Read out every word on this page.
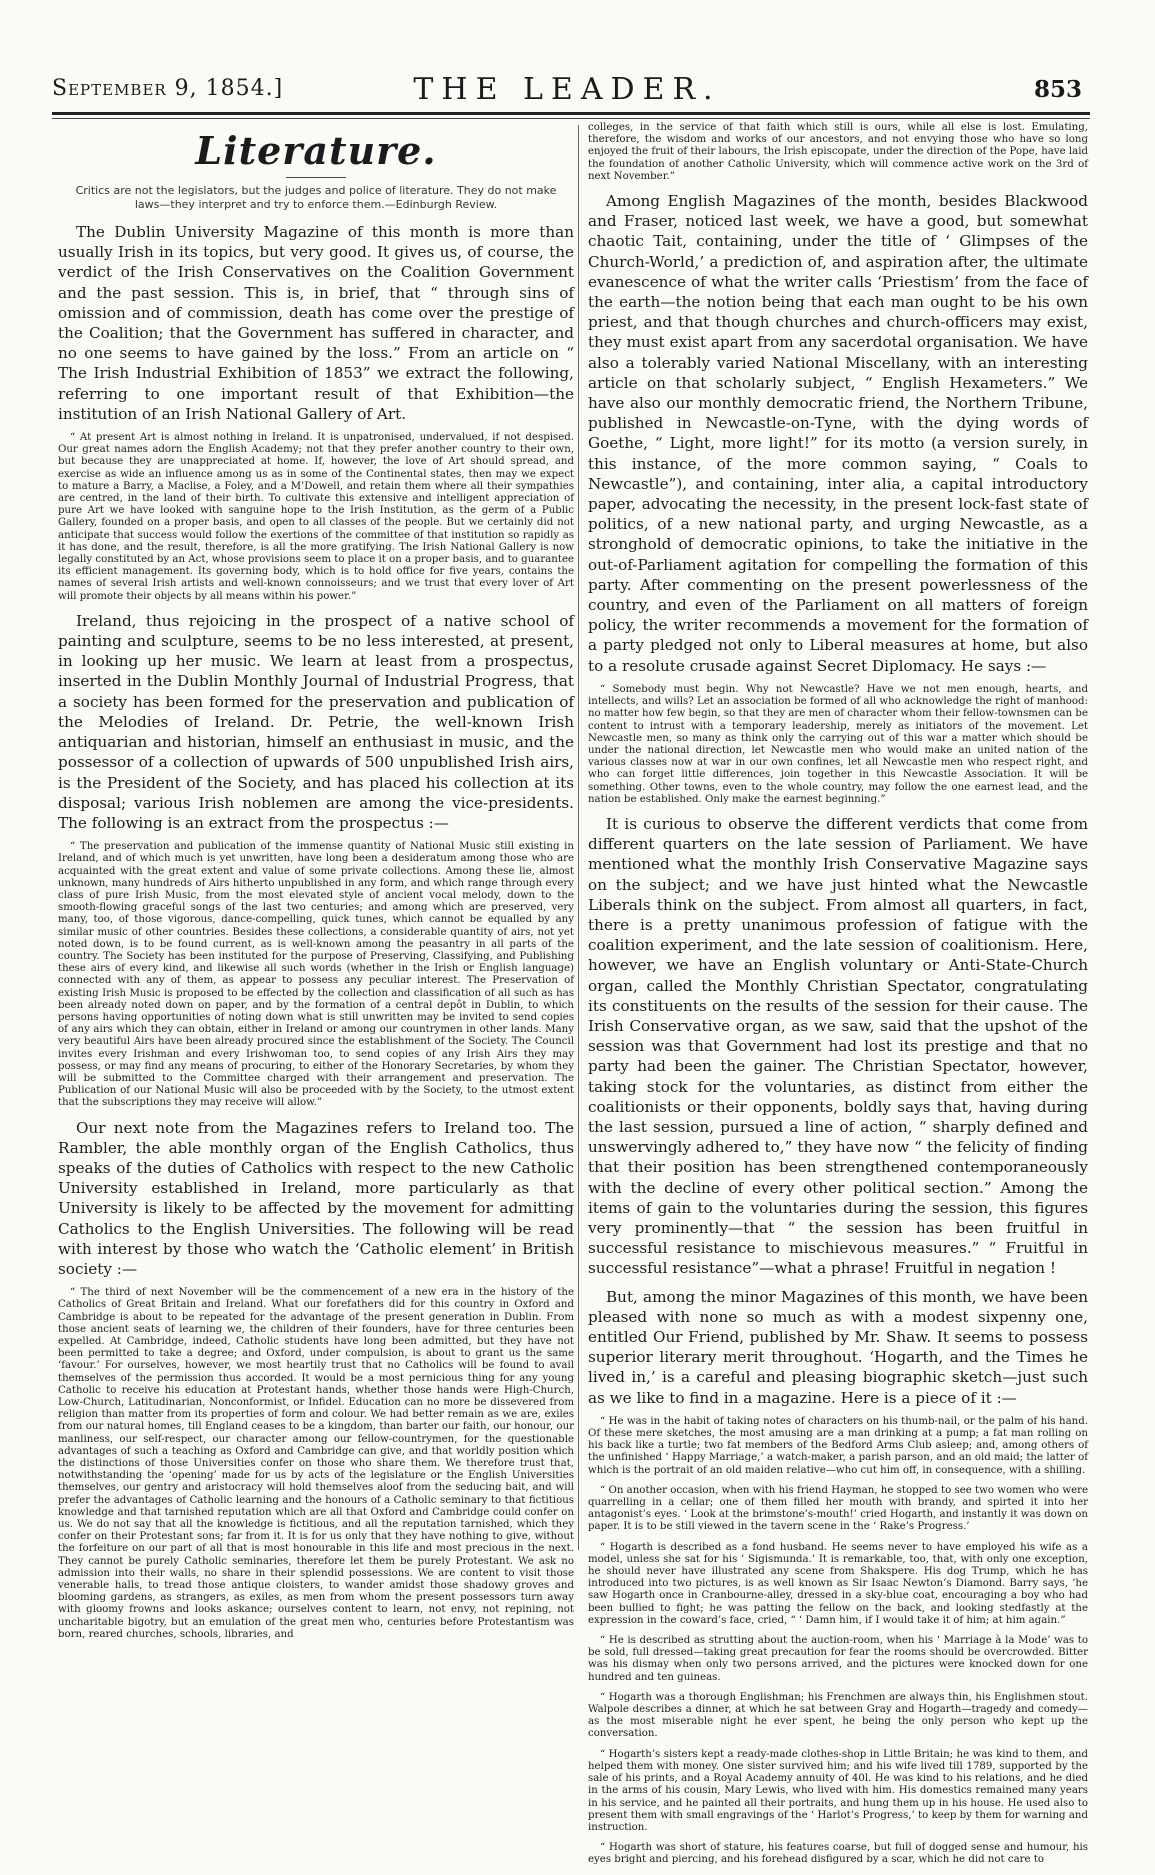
September 9, 1854.]	THE LEADER.	853
Literature.
Critics are not the legislators, but the judges and police of literature. They do not make laws—they interpret and try to enforce them.—Edinburgh Review.

The Dublin University Magazine of this month is more than usually Irish in its topics, but very good. It gives us, of course, the verdict of the Irish Conservatives on the Coalition Government and the past session. This is, in brief, that “ through sins of omission and of commission, death has come over the prestige of the Coalition; that the Government has suffered in character, and no one seems to have gained by the loss.” From an article on “ The Irish Industrial Exhibition of 1853” we extract the following, referring to one important result of that Exhibition—the institution of an Irish National Gallery of Art.

“ At present Art is almost nothing in Ireland. It is unpatronised, undervalued, if not despised. Our great names adorn the English Academy; not that they prefer another country to their own, but because they are unappreciated at home. If, however, the love of Art should spread, and exercise as wide an influence among us as in some of the Continental states, then may we expect to mature a Barry, a Maclise, a Foley, and a M’Dowell, and retain them where all their sympathies are centred, in the land of their birth. To cultivate this extensive and intelligent appreciation of pure Art we have looked with sanguine hope to the Irish Institution, as the germ of a Public Gallery, founded on a proper basis, and open to all classes of the people. But we certainly did not anticipate that success would follow the exertions of the committee of that institution so rapidly as it has done, and the result, therefore, is all the more gratifying. The Irish National Gallery is now legally constituted by an Act, whose provisions seem to place it on a proper basis, and to guarantee its efficient management. Its governing body, which is to hold office for five years, contains the names of several Irish artists and well-known connoisseurs; and we trust that every lover of Art will promote their objects by all means within his power.”

Ireland, thus rejoicing in the prospect of a native school of painting and sculpture, seems to be no less interested, at present, in looking up her music. We learn at least from a prospectus, inserted in the Dublin Monthly Journal of Industrial Progress, that a society has been formed for the preservation and publication of the Melodies of Ireland. Dr. Petrie, the well-known Irish antiquarian and historian, himself an enthusiast in music, and the possessor of a collection of upwards of 500 unpublished Irish airs, is the President of the Society, and has placed his collection at its disposal; various Irish noblemen are among the vice-presidents. The following is an extract from the prospectus :—

“ The preservation and publication of the immense quantity of National Music still existing in Ireland, and of which much is yet unwritten, have long been a desideratum among those who are acquainted with the great extent and value of some private collections. Among these lie, almost unknown, many hundreds of Airs hitherto unpublished in any form, and which range through every class of pure Irish Music, from the most elevated style of ancient vocal melody, down to the smooth-flowing graceful songs of the last two centuries; and among which are preserved, very many, too, of those vigorous, dance-compelling, quick tunes, which cannot be equalled by any similar music of other countries. Besides these collections, a considerable quantity of airs, not yet noted down, is to be found current, as is well-known among the peasantry in all parts of the country. The Society has been instituted for the purpose of Preserving, Classifying, and Publishing these airs of every kind, and likewise all such words (whether in the Irish or English language) connected with any of them, as appear to possess any peculiar interest. The Preservation of existing Irish Music is proposed to be effected by the collection and classification of all such as has been already noted down on paper, and by the formation of a central depôt in Dublin, to which persons having opportunities of noting down what is still unwritten may be invited to send copies of any airs which they can obtain, either in Ireland or among our countrymen in other lands. Many very beautiful Airs have been already procured since the establishment of the Society. The Council invites every Irishman and every Irishwoman too, to send copies of any Irish Airs they may possess, or may find any means of procuring, to either of the Honorary Secretaries, by whom they will be submitted to the Committee charged with their arrangement and preservation. The Publication of our National Music will also be proceeded with by the Society, to the utmost extent that the subscriptions they may receive will allow.”

Our next note from the Magazines refers to Ireland too. The Rambler, the able monthly organ of the English Catholics, thus speaks of the duties of Catholics with respect to the new Catholic University established in Ireland, more particularly as that University is likely to be affected by the movement for admitting Catholics to the English Universities. The following will be read with interest by those who watch the ‘Catholic element’ in British society :—

“ The third of next November will be the commencement of a new era in the history of the Catholics of Great Britain and Ireland. What our forefathers did for this country in Oxford and Cambridge is about to be repeated for the advantage of the present generation in Dublin. From those ancient seats of learning we, the children of their founders, have for three centuries been expelled. At Cambridge, indeed, Catholic students have long been admitted, but they have not been permitted to take a degree; and Oxford, under compulsion, is about to grant us the same ‘favour.’ For ourselves, however, we most heartily trust that no Catholics will be found to avail themselves of the permission thus accorded. It would be a most pernicious thing for any young Catholic to receive his education at Protestant hands, whether those hands were High-Church, Low-Church, Latitudinarian, Nonconformist, or Infidel. Education can no more be dissevered from religion than matter from its properties of form and colour. We had better remain as we are, exiles from our natural homes, till England ceases to be a kingdom, than barter our faith, our honour, our manliness, our self-respect, our character among our fellow-countrymen, for the questionable advantages of such a teaching as Oxford and Cambridge can give, and that worldly position which the distinctions of those Universities confer on those who share them. We therefore trust that, notwithstanding the ‘opening’ made for us by acts of the legislature or the English Universities themselves, our gentry and aristocracy will hold themselves aloof from the seducing bait, and will prefer the advantages of Catholic learning and the honours of a Catholic seminary to that fictitious knowledge and that tarnished reputation which are all that Oxford and Cambridge could confer on us. We do not say that all the knowledge is fictitious, and all the reputation tarnished, which they confer on their Protestant sons; far from it. It is for us only that they have nothing to give, without the forfeiture on our part of all that is most honourable in this life and most precious in the next. They cannot be purely Catholic seminaries, therefore let them be purely Protestant. We ask no admission into their walls, no share in their splendid possessions. We are content to visit those venerable halls, to tread those antique cloisters, to wander amidst those shadowy groves and blooming gardens, as strangers, as exiles, as men from whom the present possessors turn away with gloomy frowns and looks askance; ourselves content to learn, not envy, not repining, not uncharitable bigotry, but an emulation of the great men who, centuries before Protestantism was born, reared churches, schools, libraries, and

colleges, in the service of that faith which still is ours, while all else is lost. Emulating, therefore, the wisdom and works of our ancestors, and not envying those who have so long enjoyed the fruit of their labours, the Irish episcopate, under the direction of the Pope, have laid the foundation of another Catholic University, which will commence active work on the 3rd of next November.”

Among English Magazines of the month, besides Blackwood and Fraser, noticed last week, we have a good, but somewhat chaotic Tait, containing, under the title of ‘ Glimpses of the Church-World,’ a prediction of, and aspiration after, the ultimate evanescence of what the writer calls ‘Priestism’ from the face of the earth—the notion being that each man ought to be his own priest, and that though churches and church-officers may exist, they must exist apart from any sacerdotal organisation. We have also a tolerably varied National Miscellany, with an interesting article on that scholarly subject, “ English Hexameters.” We have also our monthly democratic friend, the Northern Tribune, published in Newcastle-on-Tyne, with the dying words of Goethe, “ Light, more light!” for its motto (a version surely, in this instance, of the more common saying, “ Coals to Newcastle”), and containing, inter alia, a capital introductory paper, advocating the necessity, in the present lock-fast state of politics, of a new national party, and urging Newcastle, as a stronghold of democratic opinions, to take the initiative in the out-of-Parliament agitation for compelling the formation of this party. After commenting on the present powerlessness of the country, and even of the Parliament on all matters of foreign policy, the writer recommends a movement for the formation of a party pledged not only to Liberal measures at home, but also to a resolute crusade against Secret Diplomacy. He says :—

“ Somebody must begin. Why not Newcastle? Have we not men enough, hearts, and intellects, and wills? Let an association be formed of all who acknowledge the right of manhood: no matter how few begin, so that they are men of character whom their fellow-townsmen can be content to intrust with a temporary leadership, merely as initiators of the movement. Let Newcastle men, so many as think only the carrying out of this war a matter which should be under the national direction, let Newcastle men who would make an united nation of the various classes now at war in our own confines, let all Newcastle men who respect right, and who can forget little differences, join together in this Newcastle Association. It will be something. Other towns, even to the whole country, may follow the one earnest lead, and the nation be established. Only make the earnest beginning.”

It is curious to observe the different verdicts that come from different quarters on the late session of Parliament. We have mentioned what the monthly Irish Conservative Magazine says on the subject; and we have just hinted what the Newcastle Liberals think on the subject. From almost all quarters, in fact, there is a pretty unanimous profession of fatigue with the coalition experiment, and the late session of coalitionism. Here, however, we have an English voluntary or Anti-State-Church organ, called the Monthly Christian Spectator, congratulating its constituents on the results of the session for their cause. The Irish Conservative organ, as we saw, said that the upshot of the session was that Government had lost its prestige and that no party had been the gainer. The Christian Spectator, however, taking stock for the voluntaries, as distinct from either the coalitionists or their opponents, boldly says that, having during the last session, pursued a line of action, “ sharply defined and unswervingly adhered to,” they have now “ the felicity of finding that their position has been strengthened contemporaneously with the decline of every other political section.” Among the items of gain to the voluntaries during the session, this figures very prominently—that “ the session has been fruitful in successful resistance to mischievous measures.” “ Fruitful in successful resistance”—what a phrase! Fruitful in negation !

But, among the minor Magazines of this month, we have been pleased with none so much as with a modest sixpenny one, entitled Our Friend, published by Mr. Shaw. It seems to possess superior literary merit throughout. ‘Hogarth, and the Times he lived in,’ is a careful and pleasing biographic sketch—just such as we like to find in a magazine. Here is a piece of it :—

“ He was in the habit of taking notes of characters on his thumb-nail, or the palm of his hand. Of these mere sketches, the most amusing are a man drinking at a pump; a fat man rolling on his back like a turtle; two fat members of the Bedford Arms Club asleep; and, among others of the unfinished ‘ Happy Marriage,’ a watch-maker, a parish parson, and an old maid; the latter of which is the portrait of an old maiden relative—who cut him off, in consequence, with a shilling.

“ On another occasion, when with his friend Hayman, he stopped to see two women who were quarrelling in a cellar; one of them filled her mouth with brandy, and spirted it into her antagonist’s eyes. ‘ Look at the brimstone’s-mouth!’ cried Hogarth, and instantly it was down on paper. It is to be still viewed in the tavern scene in the ‘ Rake’s Progress.’

“ Hogarth is described as a fond husband. He seems never to have employed his wife as a model, unless she sat for his ‘ Sigismunda.’ It is remarkable, too, that, with only one exception, he should never have illustrated any scene from Shakspere. His dog Trump, which he has introduced into two pictures, is as well known as Sir Isaac Newton’s Diamond. Barry says, ‘he saw Hogarth once in Cranbourne-alley, dressed in a sky-blue coat, encouraging a boy who had been bullied to fight; he was patting the fellow on the back, and looking stedfastly at the expression in the coward’s face, cried, “ ‘ Damn him, if I would take it of him; at him again.”

“ He is described as strutting about the auction-room, when his ‘ Marriage à la Mode’ was to be sold, full dressed—taking great precaution for fear the rooms should be overcrowded. Bitter was his dismay when only two persons arrived, and the pictures were knocked down for one hundred and ten guineas.

“ Hogarth was a thorough Englishman; his Frenchmen are always thin, his Englishmen stout. Walpole describes a dinner, at which he sat between Gray and Hogarth—tragedy and comedy—as the most miserable night he ever spent, he being the only person who kept up the conversation.

“ Hogarth’s sisters kept a ready-made clothes-shop in Little Britain; he was kind to them, and helped them with money. One sister survived him; and his wife lived till 1789, supported by the sale of his prints, and a Royal Academy annuity of 40l. He was kind to his relations, and he died in the arms of his cousin, Mary Lewis, who lived with him. His domestics remained many years in his service, and he painted all their portraits, and hung them up in his house. He used also to present them with small engravings of the ‘ Harlot’s Progress,’ to keep by them for warning and instruction.

“ Hogarth was short of stature, his features coarse, but full of dogged sense and humour, his eyes bright and piercing, and his forehead disfigured by a scar, which he did not care to
